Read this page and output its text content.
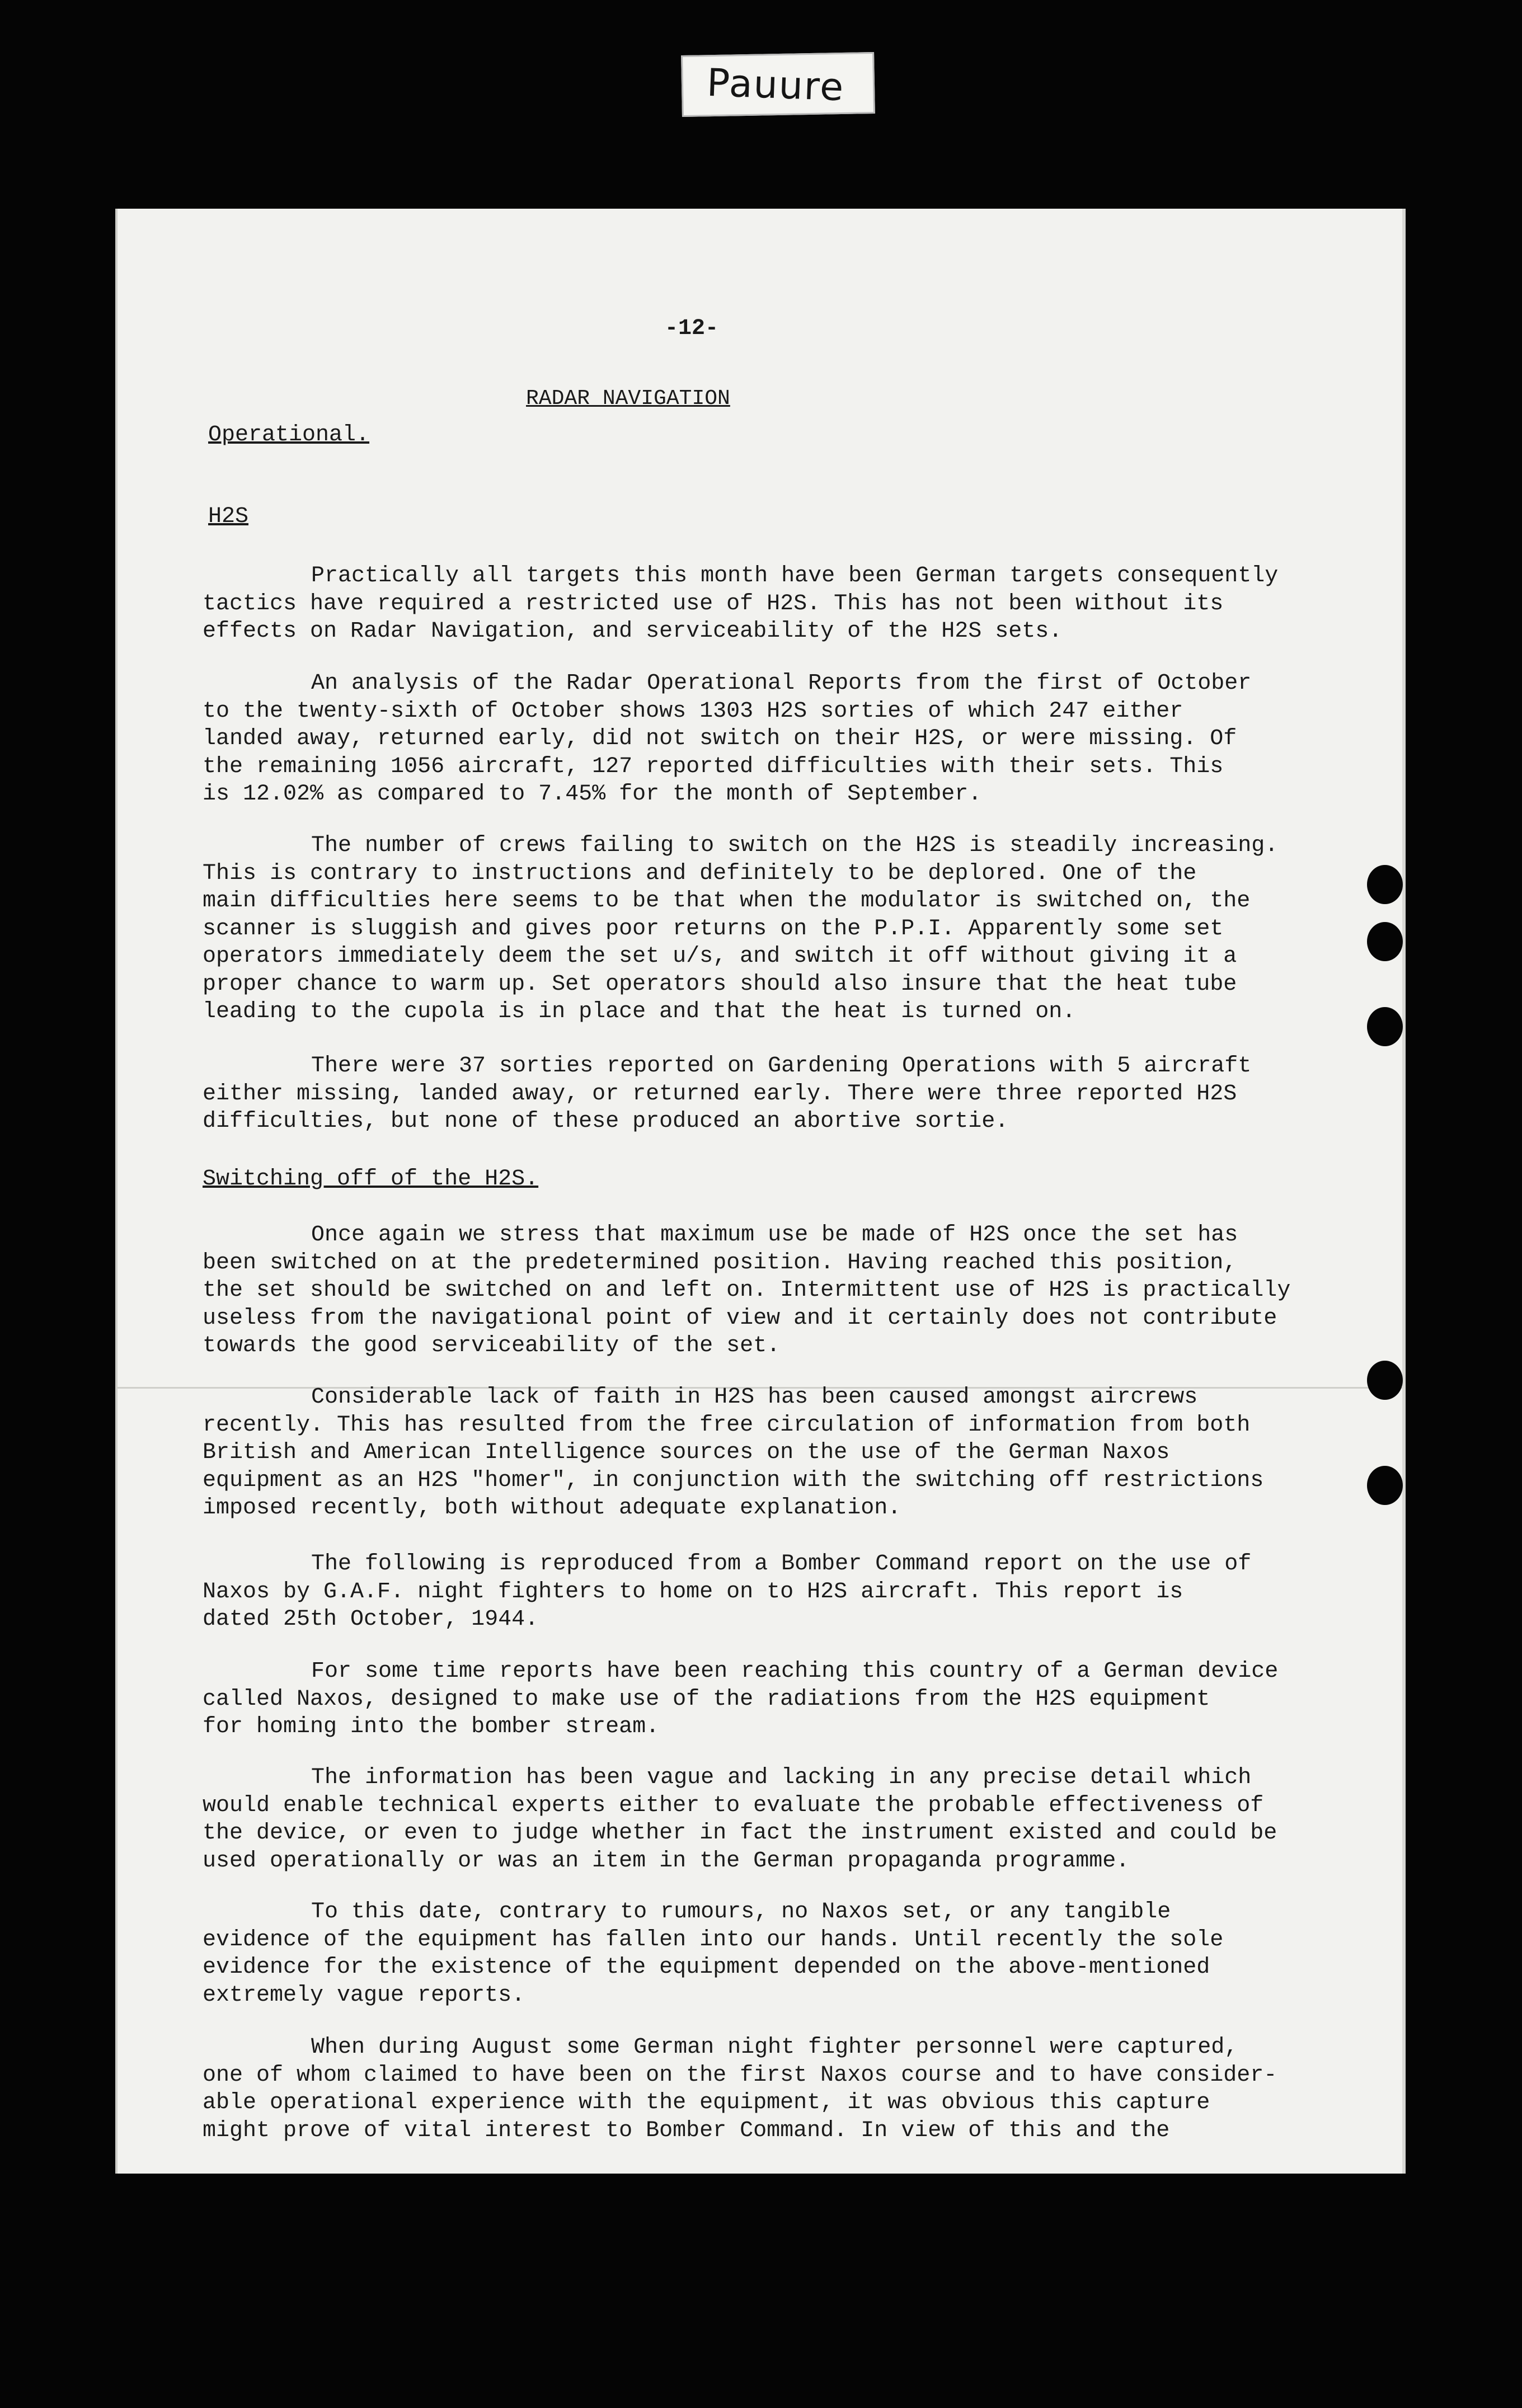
Pauure
-12-
RADAR NAVIGATION
Operational.
H2S
Practically all targets this month have been German targets consequently
tactics have required a restricted use of H2S. This has not been without its
effects on Radar Navigation, and serviceability of the H2S sets.
An analysis of the Radar Operational Reports from the first of October
to the twenty-sixth of October shows 1303 H2S sorties of which 247 either
landed away, returned early, did not switch on their H2S, or were missing. Of
the remaining 1056 aircraft, 127 reported difficulties with their sets. This
is 12.02% as compared to 7.45% for the month of September.
The number of crews failing to switch on the H2S is steadily increasing.
This is contrary to instructions and definitely to be deplored. One of the
main difficulties here seems to be that when the modulator is switched on, the
scanner is sluggish and gives poor returns on the P.P.I. Apparently some set
operators immediately deem the set u/s, and switch it off without giving it a
proper chance to warm up. Set operators should also insure that the heat tube
leading to the cupola is in place and that the heat is turned on.
There were 37 sorties reported on Gardening Operations with 5 aircraft
either missing, landed away, or returned early. There were three reported H2S
difficulties, but none of these produced an abortive sortie.
Switching off of the H2S.
Once again we stress that maximum use be made of H2S once the set has
been switched on at the predetermined position. Having reached this position,
the set should be switched on and left on. Intermittent use of H2S is practically
useless from the navigational point of view and it certainly does not contribute
towards the good serviceability of the set.
Considerable lack of faith in H2S has been caused amongst aircrews
recently. This has resulted from the free circulation of information from both
British and American Intelligence sources on the use of the German Naxos
equipment as an H2S "homer", in conjunction with the switching off restrictions
imposed recently, both without adequate explanation.
The following is reproduced from a Bomber Command report on the use of
Naxos by G.A.F. night fighters to home on to H2S aircraft. This report is
dated 25th October, 1944.
For some time reports have been reaching this country of a German device
called Naxos, designed to make use of the radiations from the H2S equipment
for homing into the bomber stream.
The information has been vague and lacking in any precise detail which
would enable technical experts either to evaluate the probable effectiveness of
the device, or even to judge whether in fact the instrument existed and could be
used operationally or was an item in the German propaganda programme.
To this date, contrary to rumours, no Naxos set, or any tangible
evidence of the equipment has fallen into our hands. Until recently the sole
evidence for the existence of the equipment depended on the above-mentioned
extremely vague reports.
When during August some German night fighter personnel were captured,
one of whom claimed to have been on the first Naxos course and to have consider-
able operational experience with the equipment, it was obvious this capture
might prove of vital interest to Bomber Command. In view of this and the
